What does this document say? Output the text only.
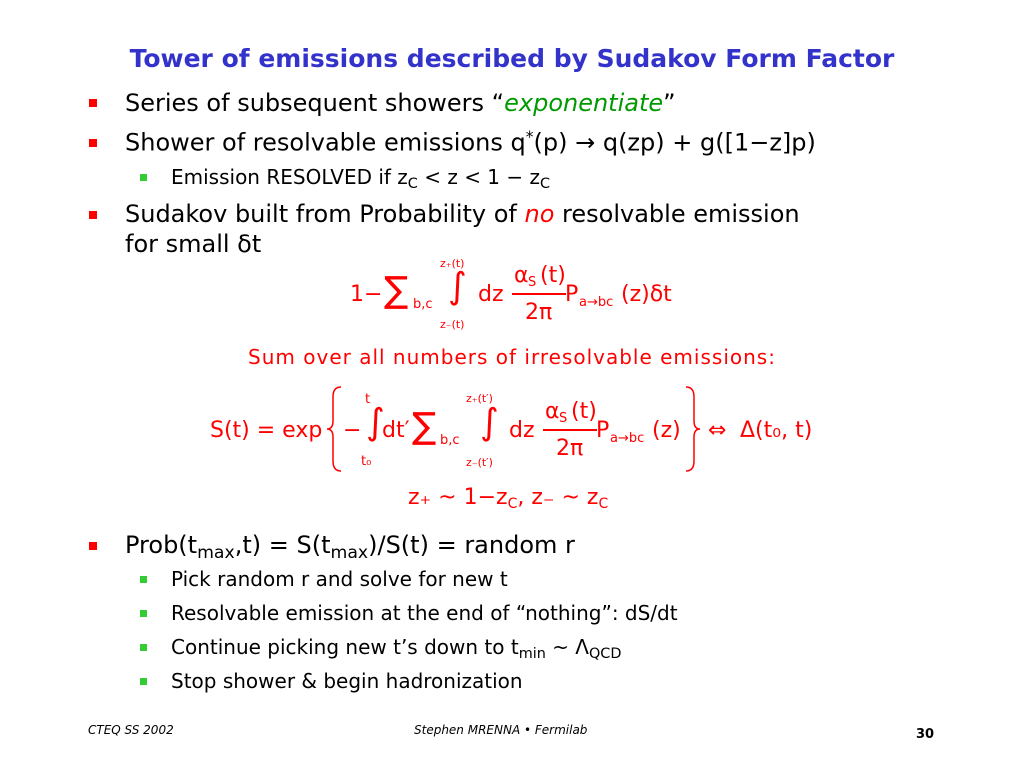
Tower of emissions described by Sudakov Form Factor
Series of subsequent showers “exponentiate”
Shower of resolvable emissions q*(p) → q(zp) + g([1−z]p)
Emission RESOLVED if $z_C < z < 1 - z_C$
Sudakov built from Probability of no resolvable emission
for small δt
1− ∑ b,c ∫
z₊(t)
z₋(t)
dz
α S (t)
2π
P a→bc (z)δt
Sum over all numbers of irresolvable emissions:
S(t) = exp − ∫
t
t₀
dt′ ∑ b,c ∫
z₊(t′)
z₋(t′)
dz
α S (t)
2π
P a→bc (z) ⇔ Δ(t₀, t)
z₊ ~ $1-z_C$, z₋ ~ $z_C$
$Prob(t_{max},t) = S(t_{max})/S(t)$ = random r
Pick random r and solve for new t
Resolvable emission at the end of “nothing”: dS/dt
Continue picking new t’s down to $t_{min}$ ~ $\Lambda_{QCD}$
Stop shower & begin hadronization
CTEQ SS 2002	Stephen MRENNA • Fermilab	30
